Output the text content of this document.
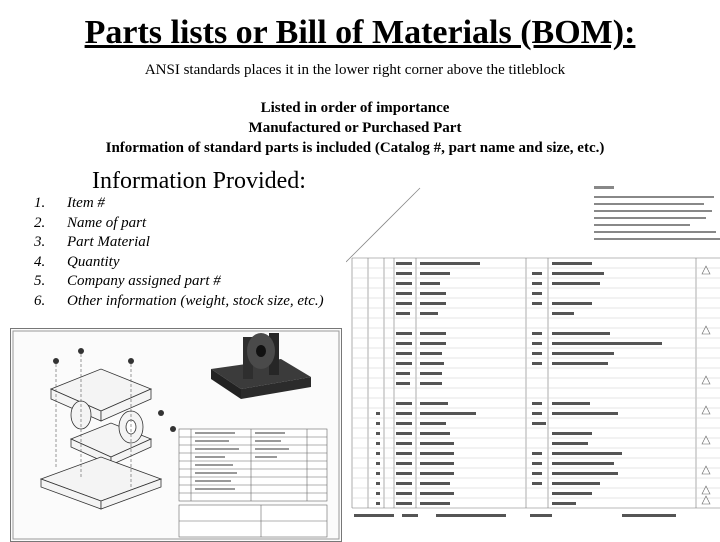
Parts lists or Bill of Materials (BOM):
ANSI standards places it in the lower right corner above the titleblock
Listed in order of importance
Manufactured or Purchased Part
Information of standard parts is included (Catalog #, part name and size, etc.)
Information Provided:
1. Item #
2. Name of part
3. Part Material
4. Quantity
5. Company assigned part #
6. Other information (weight, stock size, etc.)
